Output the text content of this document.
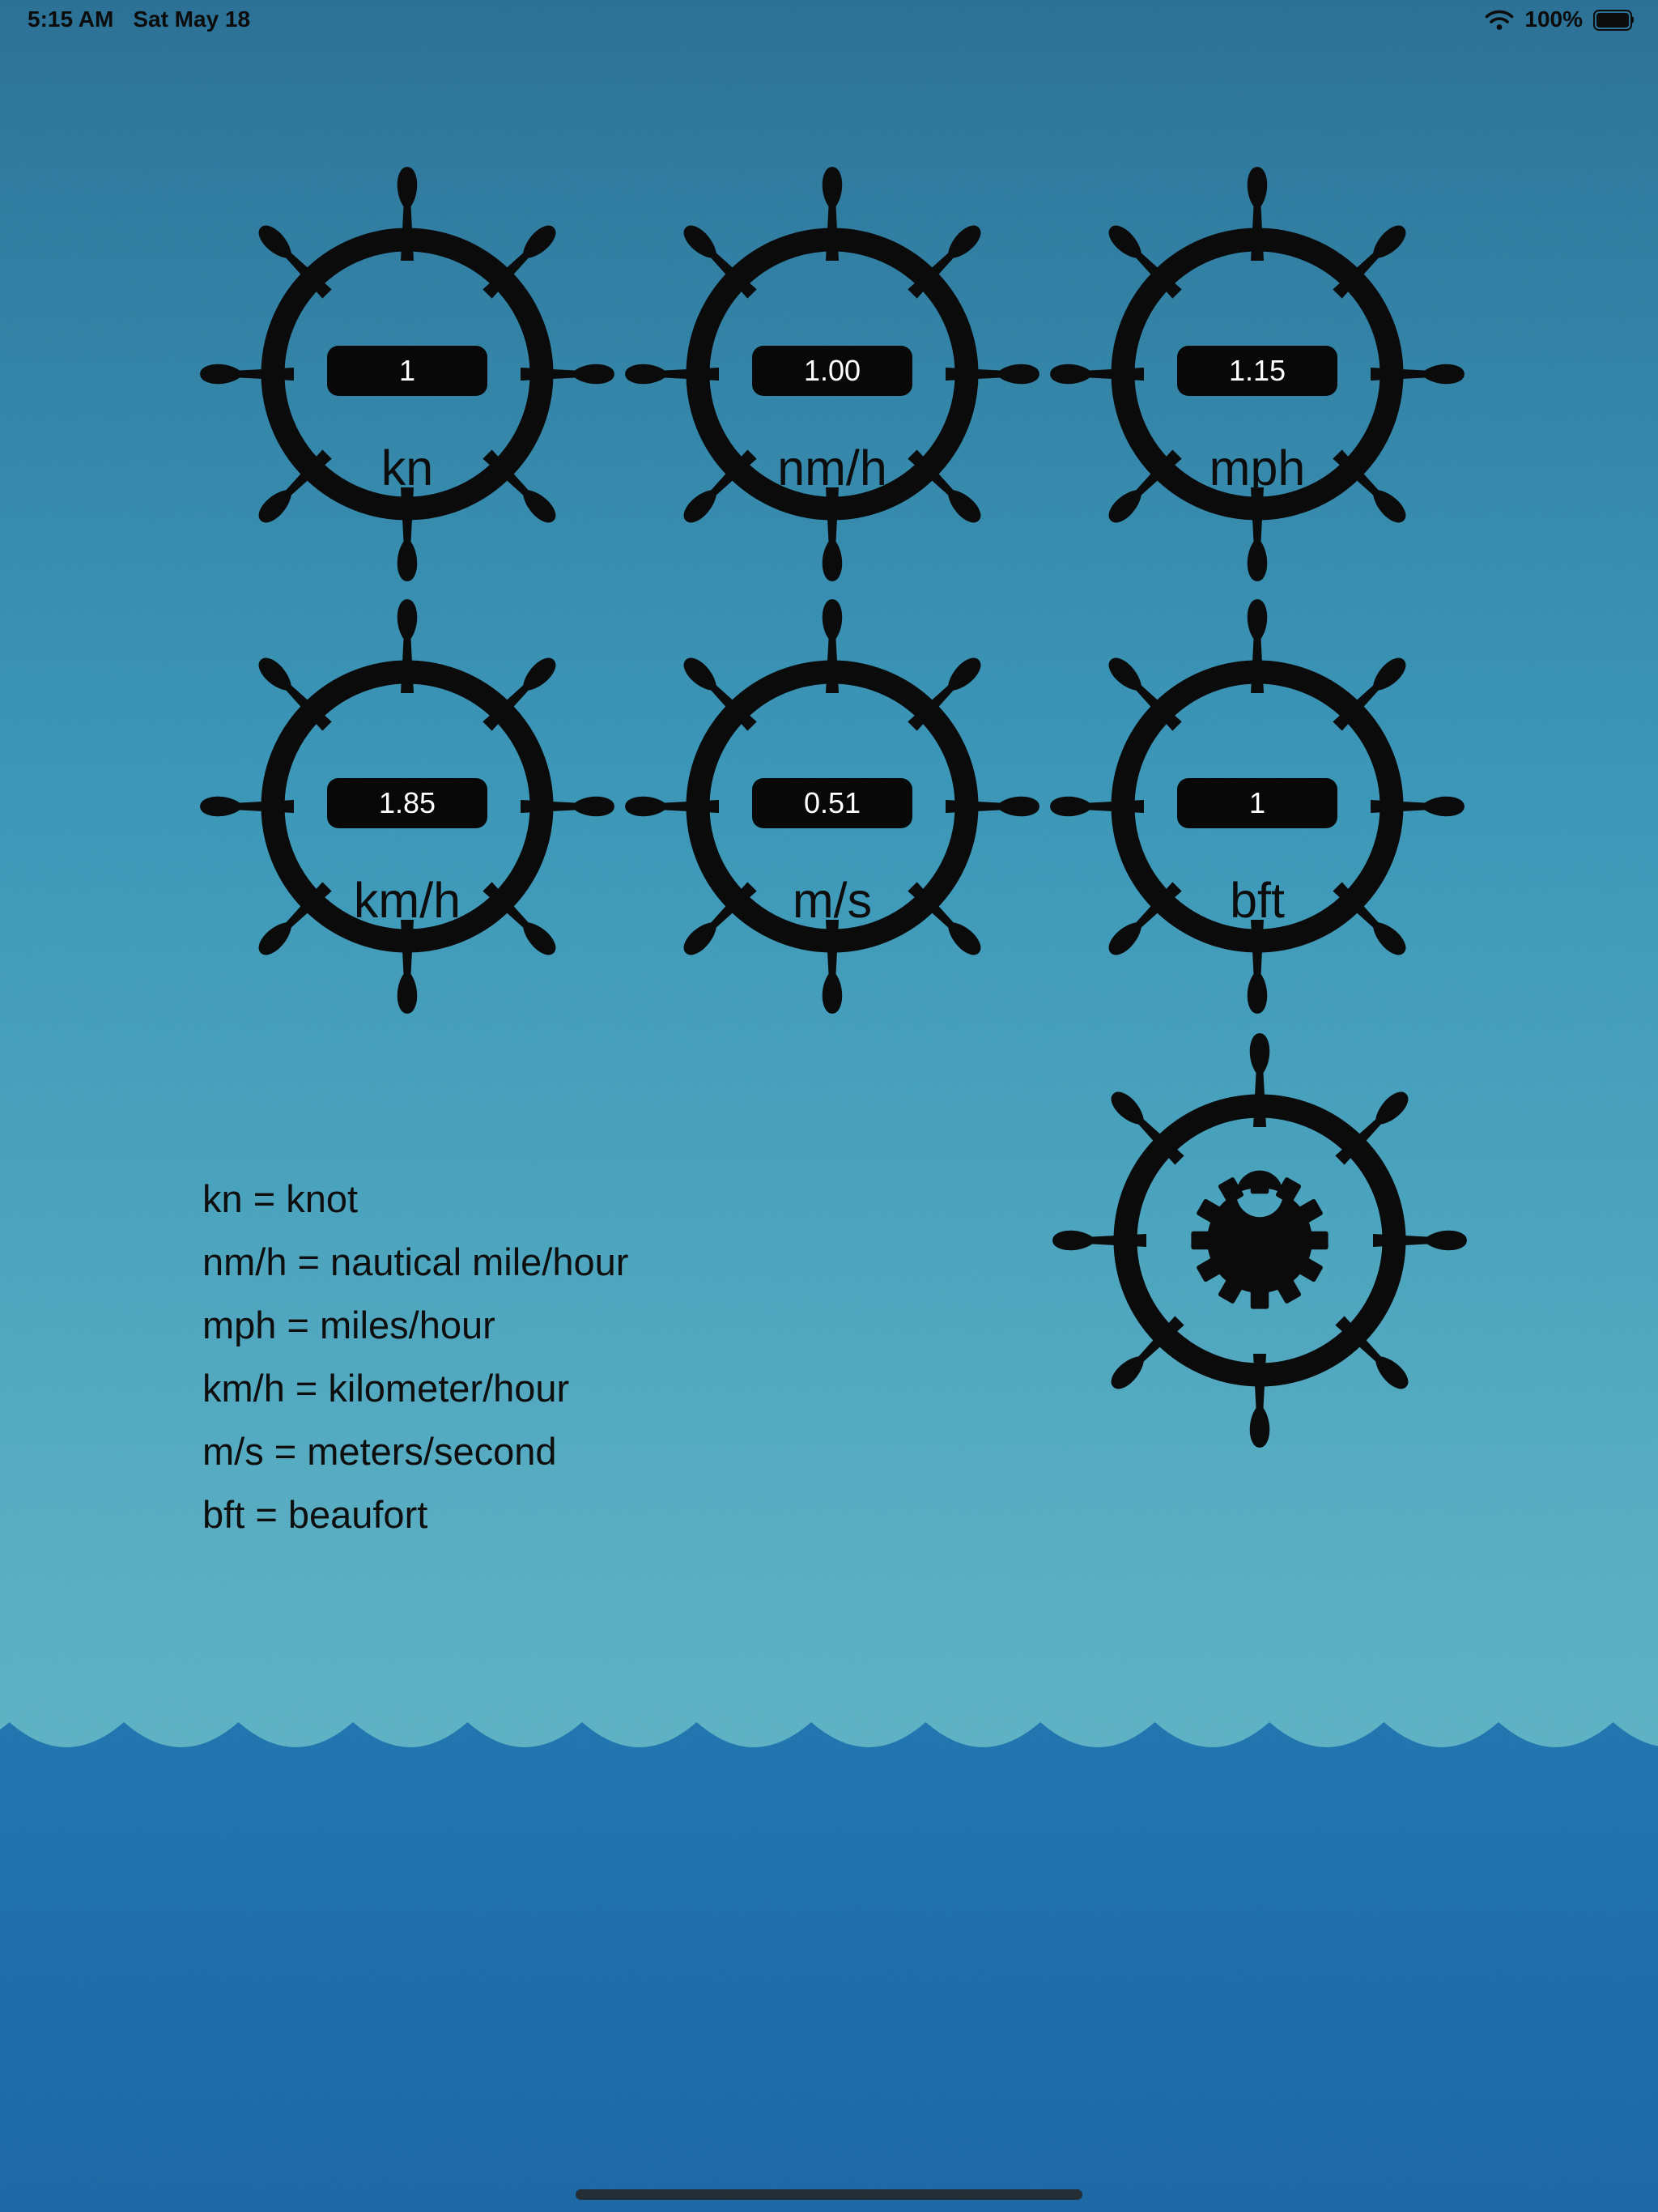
5:15 AM Sat May 18	100%
1
kn
1.00	nm/h
1.15	mph
1.85
km/h
0.51	m/s
1	bft
kn = knot
nm/h = nautical mile/hour
mph = miles/hour
km/h = kilometer/hour
m/s = meters/second
bft = beaufort
